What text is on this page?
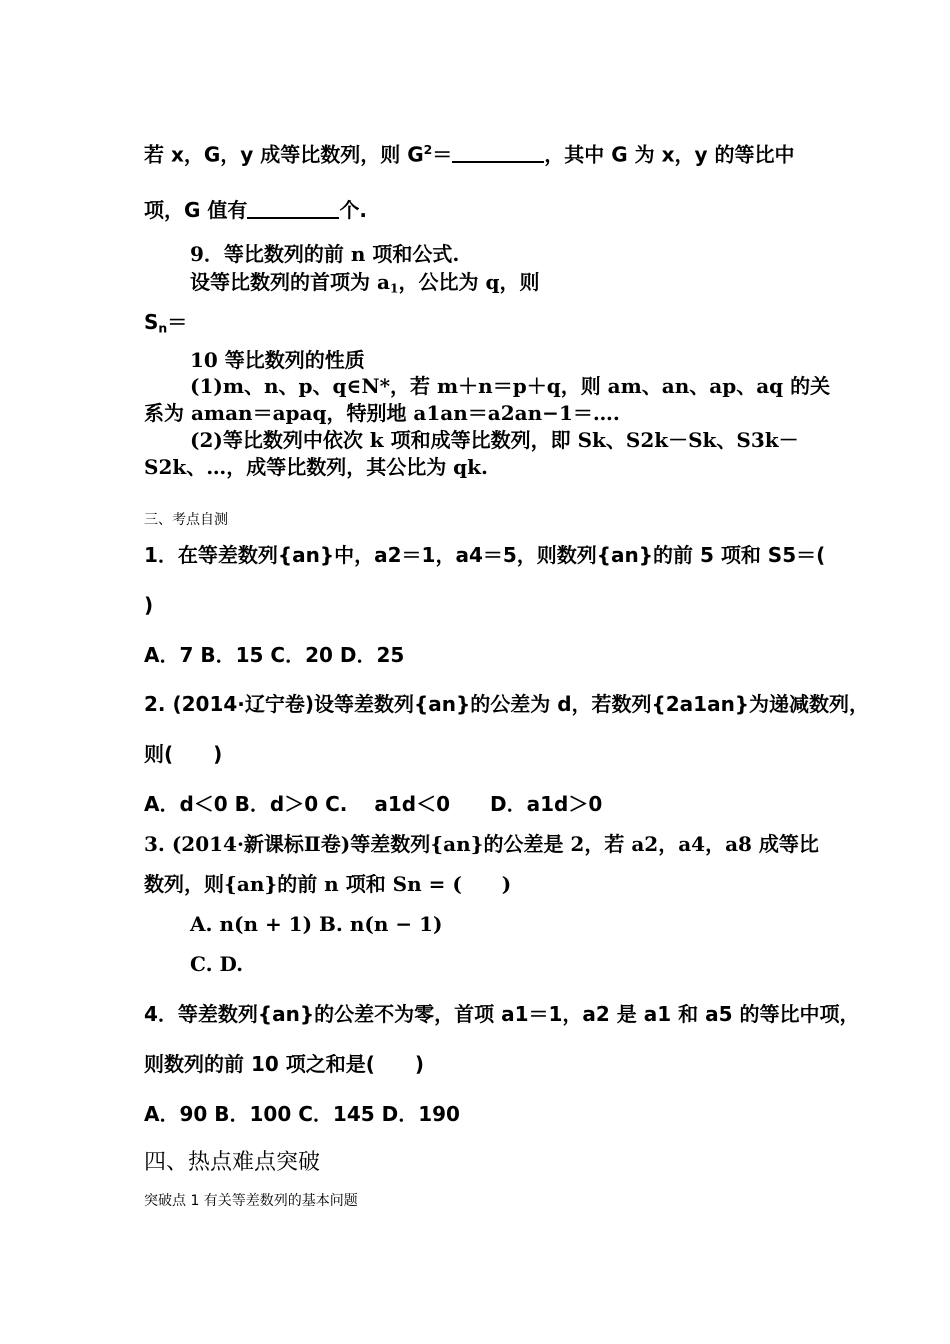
若 x，G，y 成等比数列，则 $G^2=$	，其中 G 为 x，y 的等比中
项，G 值有	个.
9．等比数列的前 n 项和公式.
设等比数列的首项为 $a_1$，公比为 q，则
$S_n=$
10 等比数列的性质
(1)m、n、p、q∈N*，若 m＋n＝p＋q，则 am、an、ap、aq 的关
系为 aman＝apaq，特别地 a1an＝a2an−1＝….
(2)等比数列中依次 k 项和成等比数列，即 Sk、S2k－Sk、S3k－
S2k、…，成等比数列，其公比为 qk.
三、考点自测
1．在等差数列{an}中，a2＝1，a4＝5，则数列{an}的前 5 项和 S5＝(
)
A．7 B．15 C．20 D．25
2. (2014·辽宁卷)设等差数列{an}的公差为 d，若数列{2a1an}为递减数列，
则(　　)
A．d＜0 B．d＞0 C.　 a1d＜0　　D．a1d＞0
3. (2014·新课标Ⅱ卷)等差数列{an}的公差是 2，若 a2，a4，a8 成等比
数列，则{an}的前 n 项和 Sn = (　　)
A. n(n + 1) B. n(n − 1)
C. D.
4．等差数列{an}的公差不为零，首项 a1＝1，a2 是 a1 和 a5 的等比中项，
则数列的前 10 项之和是(　　)
A．90 B．100 C．145 D．190
四、热点难点突破
突破点 1 有关等差数列的基本问题
